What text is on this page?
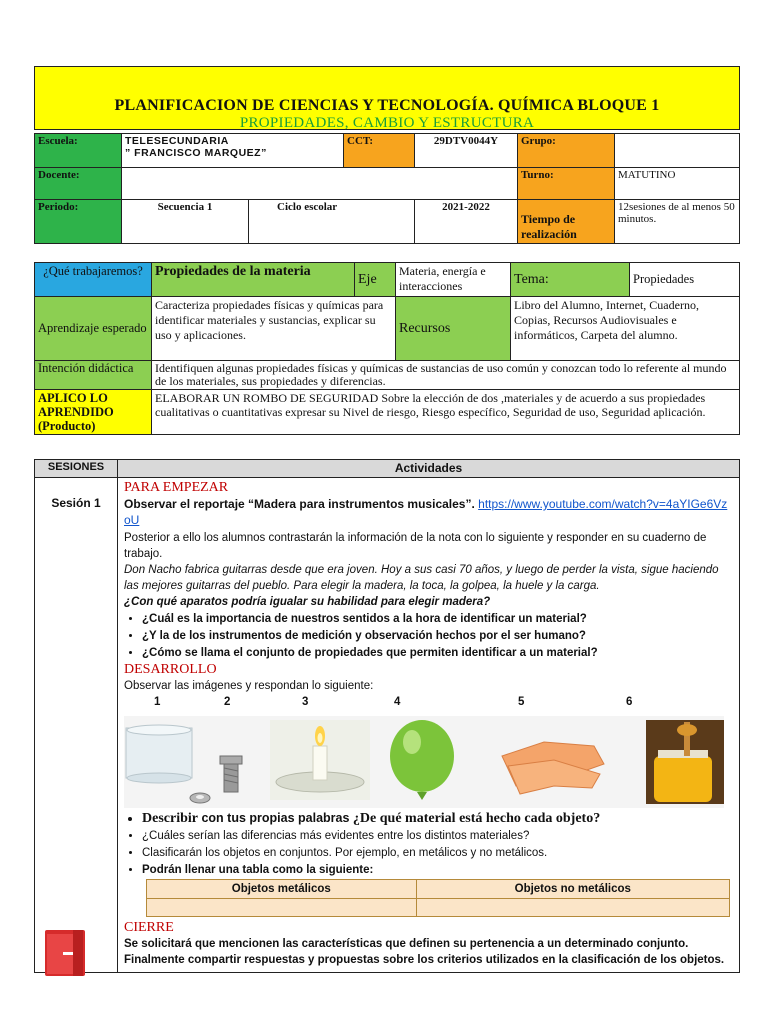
PLANIFICACION DE CIENCIAS Y TECNOLOGÍA. QUÍMICA BLOQUE 1
PROPIEDADES, CAMBIO Y ESTRUCTURA
Escuela:	TELESECUNDARIA
” FRANCISCO MARQUEZ”		CCT:	29DTV0044Y	Grupo:	
Docente:					Turno:	MATUTINO
Periodo:	Secuencia 1	Ciclo escolar		2021-2022	Tiempo de realización	12sesiones de al menos 50 minutos.
¿Qué trabajaremos?	Propiedades de la materia	Eje	Materia, energía e interacciones	Tema:	Propiedades
Aprendizaje esperado	Caracteriza propiedades físicas y químicas para identificar materiales y sustancias, explicar su uso y aplicaciones.		Recursos	Libro del Alumno, Internet, Cuaderno, Copias, Recursos Audiovisuales e informáticos, Carpeta del alumno.	
Intención didáctica	Identifiquen algunas propiedades físicas y químicas de sustancias de uso común y conozcan todo lo referente al mundo de los materiales, sus propiedades y diferencias.				
APLICO LO APRENDIDO (Producto)	ELABORAR UN ROMBO DE SEGURIDAD Sobre la elección de dos ,materiales y de acuerdo a sus propiedades cualitativas o cuantitativas expresar su Nivel de riesgo, Riesgo específico, Seguridad de uso, Seguridad aplicación.				
SESIONES	Actividades

Sesión 1

PARA EMPEZAR
Observar el reportaje “Madera para instrumentos musicales”. https://www.youtube.com/watch?v=4aYIGe6VzoU
Posterior a ello los alumnos contrastarán la información de la nota con lo siguiente y responder en su cuaderno de trabajo.
Don Nacho fabrica guitarras desde que era joven. Hoy a sus casi 70 años, y luego de perder la vista, sigue haciendo las mejores guitarras del pueblo. Para elegir la madera, la toca, la golpea, la huele y la carga.
¿Con qué aparatos podría igualar su habilidad para elegir madera?
• ¿Cuál es la importancia de nuestros sentidos a la hora de identificar un material?
• ¿Y la de los instrumentos de medición y observación hechos por el ser humano?
• ¿Cómo se llama el conjunto de propiedades que permiten identificar a un material?
DESARROLLO
Observar las imágenes y respondan lo siguiente:
1	2	3	4	5	6
• Describir con tus propias palabras ¿De qué material está hecho cada objeto?
• ¿Cuáles serían las diferencias más evidentes entre los distintos materiales?
• Clasificarán los objetos en conjuntos. Por ejemplo, en metálicos y no metálicos.
• Podrán llenar una tabla como la siguiente:
Objetos metálicos	Objetos no metálicos

CIERRE
Se solicitará que mencionen las características que definen su pertenencia a un determinado conjunto.
Finalmente compartir respuestas y propuestas sobre los criterios utilizados en la clasificación de los objetos.
